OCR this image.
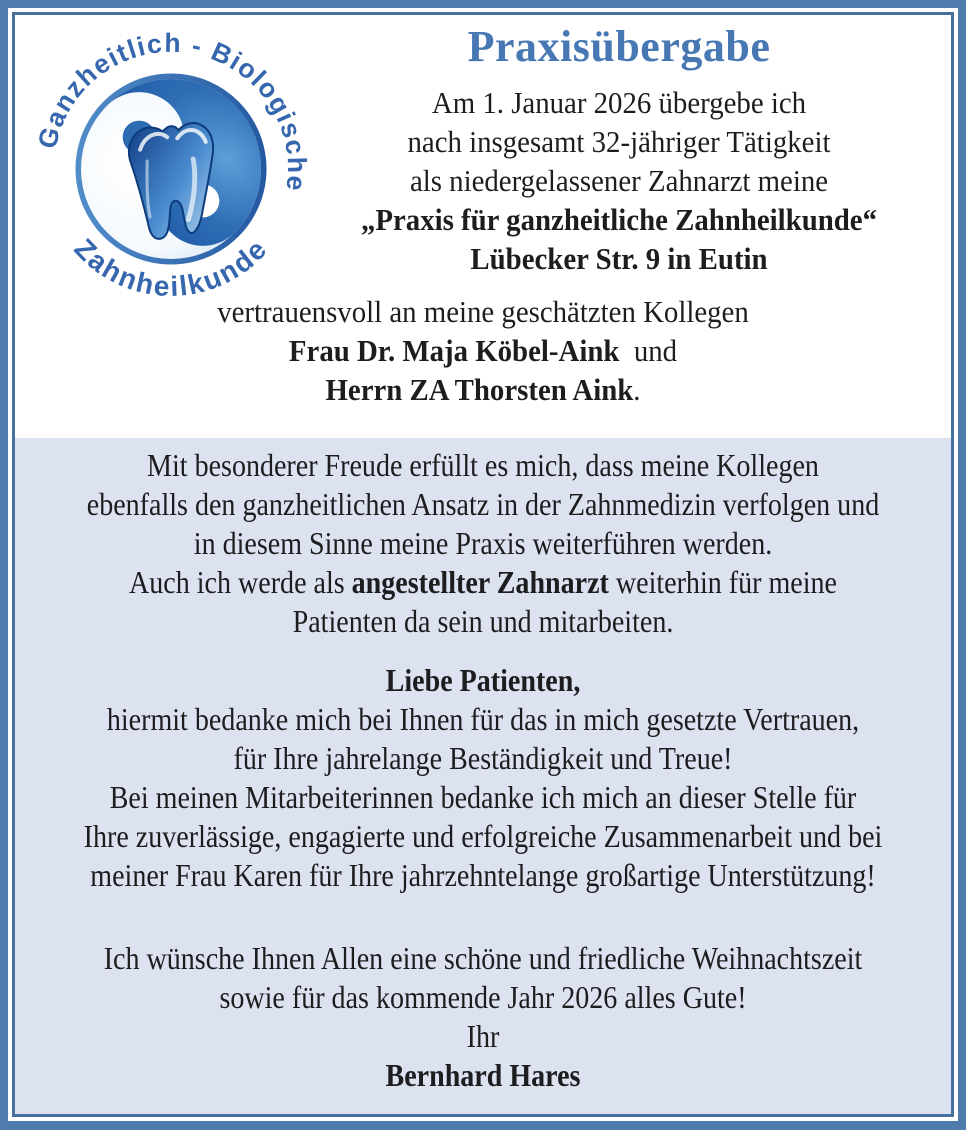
Ganzheitlich - Biologische
Zahnheilkunde
Praxisübergabe
Am 1. Januar 2026 übergebe ich
nach insgesamt 32-jähriger Tätigkeit
als niedergelassener Zahnarzt meine
„Praxis für ganzheitliche Zahnheilkunde“
Lübecker Str. 9 in Eutin
vertrauensvoll an meine geschätzten Kollegen
Frau Dr. Maja Köbel-Aink  und
Herrn ZA Thorsten Aink.
Mit besonderer Freude erfüllt es mich, dass meine Kollegen
ebenfalls den ganzheitlichen Ansatz in der Zahnmedizin verfolgen und
in diesem Sinne meine Praxis weiterführen werden.
Auch ich werde als angestellter Zahnarzt weiterhin für meine
Patienten da sein und mitarbeiten.
Liebe Patienten,
hiermit bedanke mich bei Ihnen für das in mich gesetzte Vertrauen,
für Ihre jahrelange Beständigkeit und Treue!
Bei meinen Mitarbeiterinnen bedanke ich mich an dieser Stelle für
Ihre zuverlässige, engagierte und erfolgreiche Zusammenarbeit und bei
meiner Frau Karen für Ihre jahrzehntelange großartige Unterstützung!
Ich wünsche Ihnen Allen eine schöne und friedliche Weihnachtszeit
sowie für das kommende Jahr 2026 alles Gute!
Ihr
Bernhard Hares
